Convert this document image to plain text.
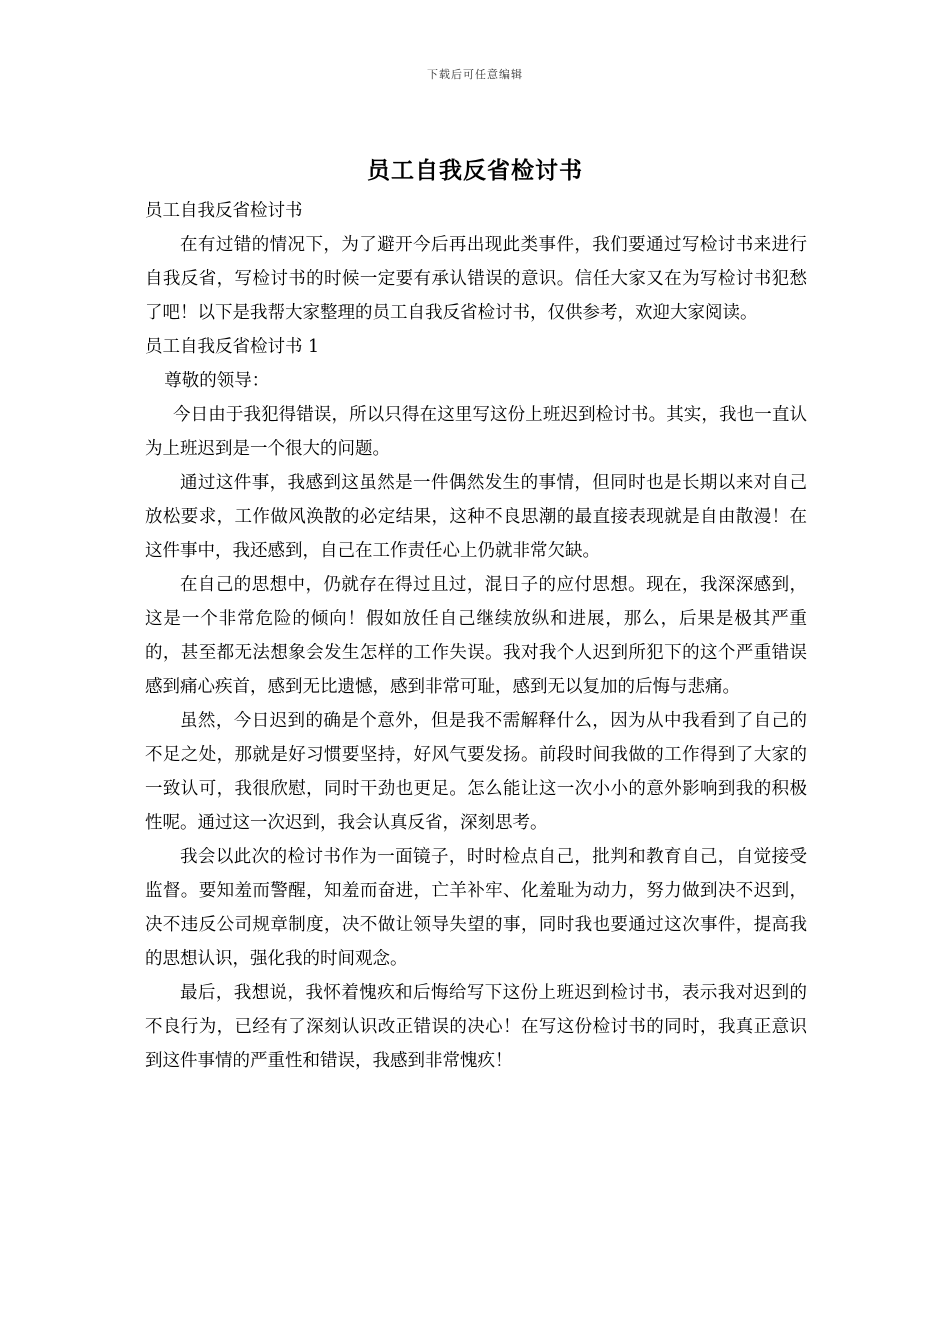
下载后可任意编辑
员工自我反省检讨书

员工自我反省检讨书

在有过错的情况下，为了避开今后再出现此类事件，我们要通过写检讨书来进行自我反省，写检讨书的时候一定要有承认错误的意识。信任大家又在为写检讨书犯愁了吧！以下是我帮大家整理的员工自我反省检讨书，仅供参考，欢迎大家阅读。

员工自我反省检讨书 1

尊敬的领导：

今日由于我犯得错误，所以只得在这里写这份上班迟到检讨书。其实，我也一直认为上班迟到是一个很大的问题。

通过这件事，我感到这虽然是一件偶然发生的事情，但同时也是长期以来对自己放松要求，工作做风涣散的必定结果，这种不良思潮的最直接表现就是自由散漫！在这件事中，我还感到，自己在工作责任心上仍就非常欠缺。

在自己的思想中，仍就存在得过且过，混日子的应付思想。现在，我深深感到，这是一个非常危险的倾向！假如放任自己继续放纵和进展，那么，后果是极其严重的，甚至都无法想象会发生怎样的工作失误。我对我个人迟到所犯下的这个严重错误感到痛心疾首，感到无比遗憾，感到非常可耻，感到无以复加的后悔与悲痛。

虽然，今日迟到的确是个意外，但是我不需解释什么，因为从中我看到了自己的不足之处，那就是好习惯要坚持，好风气要发扬。前段时间我做的工作得到了大家的一致认可，我很欣慰，同时干劲也更足。怎么能让这一次小小的意外影响到我的积极性呢。通过这一次迟到，我会认真反省，深刻思考。

我会以此次的检讨书作为一面镜子，时时检点自己，批判和教育自己，自觉接受监督。要知羞而警醒，知羞而奋进，亡羊补牢、化羞耻为动力，努力做到决不迟到，决不违反公司规章制度，决不做让领导失望的事，同时我也要通过这次事件，提高我的思想认识，强化我的时间观念。

最后，我想说，我怀着愧疚和后悔给写下这份上班迟到检讨书，表示我对迟到的不良行为，已经有了深刻认识改正错误的决心！在写这份检讨书的同时，我真正意识到这件事情的严重性和错误，我感到非常愧疚！
